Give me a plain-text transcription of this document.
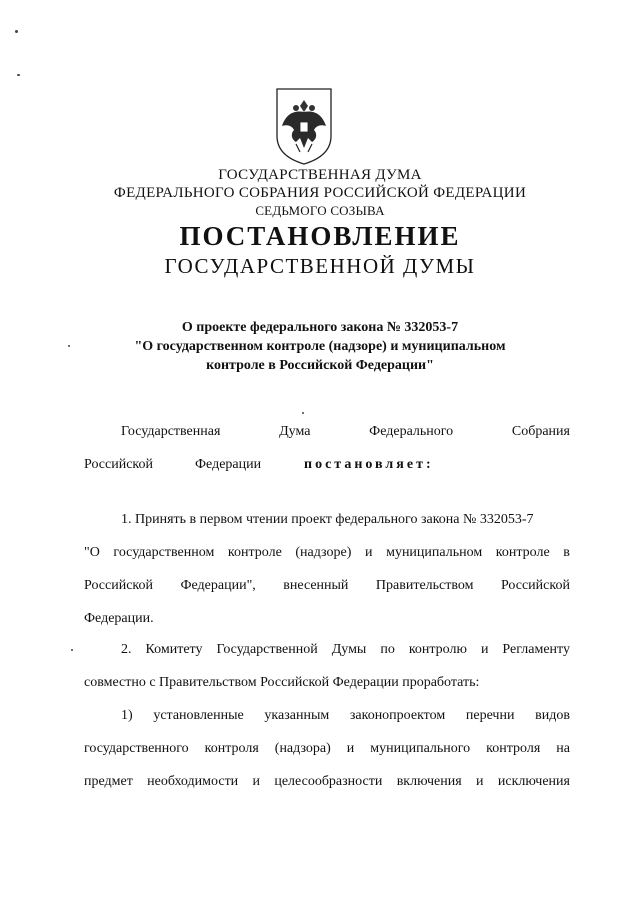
ГОСУДАРСТВЕННАЯ ДУМА
ФЕДЕРАЛЬНОГО СОБРАНИЯ РОССИЙСКОЙ ФЕДЕРАЦИИ
СЕДЬМОГО СОЗЫВА
ПОСТАНОВЛЕНИЕ
ГОСУДАРСТВЕННОЙ ДУМЫ
О проекте федерального закона № 332053-7
"О государственном контроле (надзоре) и муниципальном
контроле в Российской Федерации"
Государственная	Дума	Федерального	Собрания
Российской	Федерации	постановляет:
1. Принять в первом чтении проект федерального закона № 332053-7
"О государственном контроле (надзоре) и муниципальном контроле в
Российской Федерации", внесенный Правительством Российской
Федерации.
2. Комитету Государственной Думы по контролю и Регламенту
совместно с Правительством Российской Федерации проработать:
1) установленные указанным законопроектом перечни видов
государственного контроля (надзора) и муниципального контроля на
предмет необходимости и целесообразности включения и исключения
